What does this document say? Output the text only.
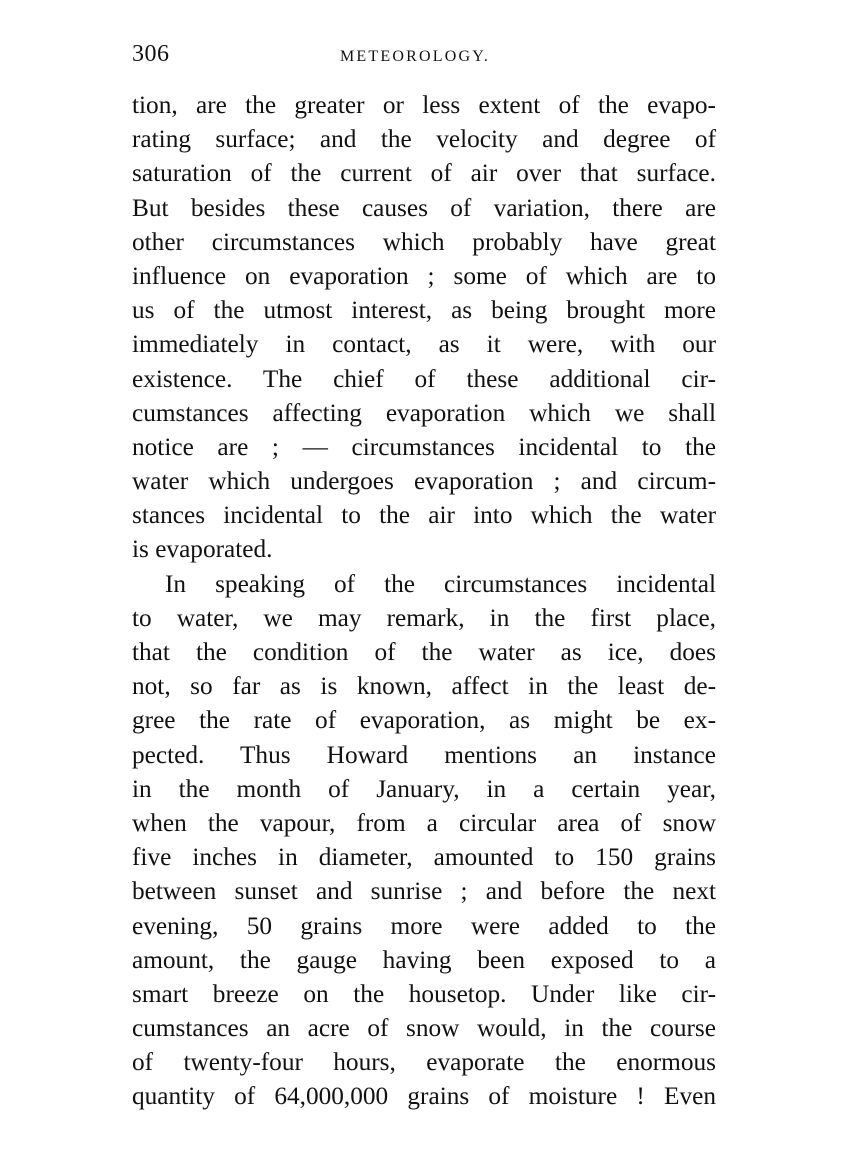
306	METEOROLOGY.
tion, are the greater or less extent of the evapo-
rating surface; and the velocity and degree of
saturation of the current of air over that surface.
But besides these causes of variation, there are
other circumstances which probably have great
influence on evaporation ; some of which are to
us of the utmost interest, as being brought more
immediately in contact, as it were, with our
existence. The chief of these additional cir-
cumstances affecting evaporation which we shall
notice are ; — circumstances incidental to the
water which undergoes evaporation ; and circum-
stances incidental to the air into which the water
is evaporated.
In speaking of the circumstances incidental
to water, we may remark, in the first place,
that the condition of the water as ice, does
not, so far as is known, affect in the least de-
gree the rate of evaporation, as might be ex-
pected. Thus Howard mentions an instance
in the month of January, in a certain year,
when the vapour, from a circular area of snow
five inches in diameter, amounted to 150 grains
between sunset and sunrise ; and before the next
evening, 50 grains more were added to the
amount, the gauge having been exposed to a
smart breeze on the housetop. Under like cir-
cumstances an acre of snow would, in the course
of twenty-four hours, evaporate the enormous
quantity of 64,000,000 grains of moisture ! Even
